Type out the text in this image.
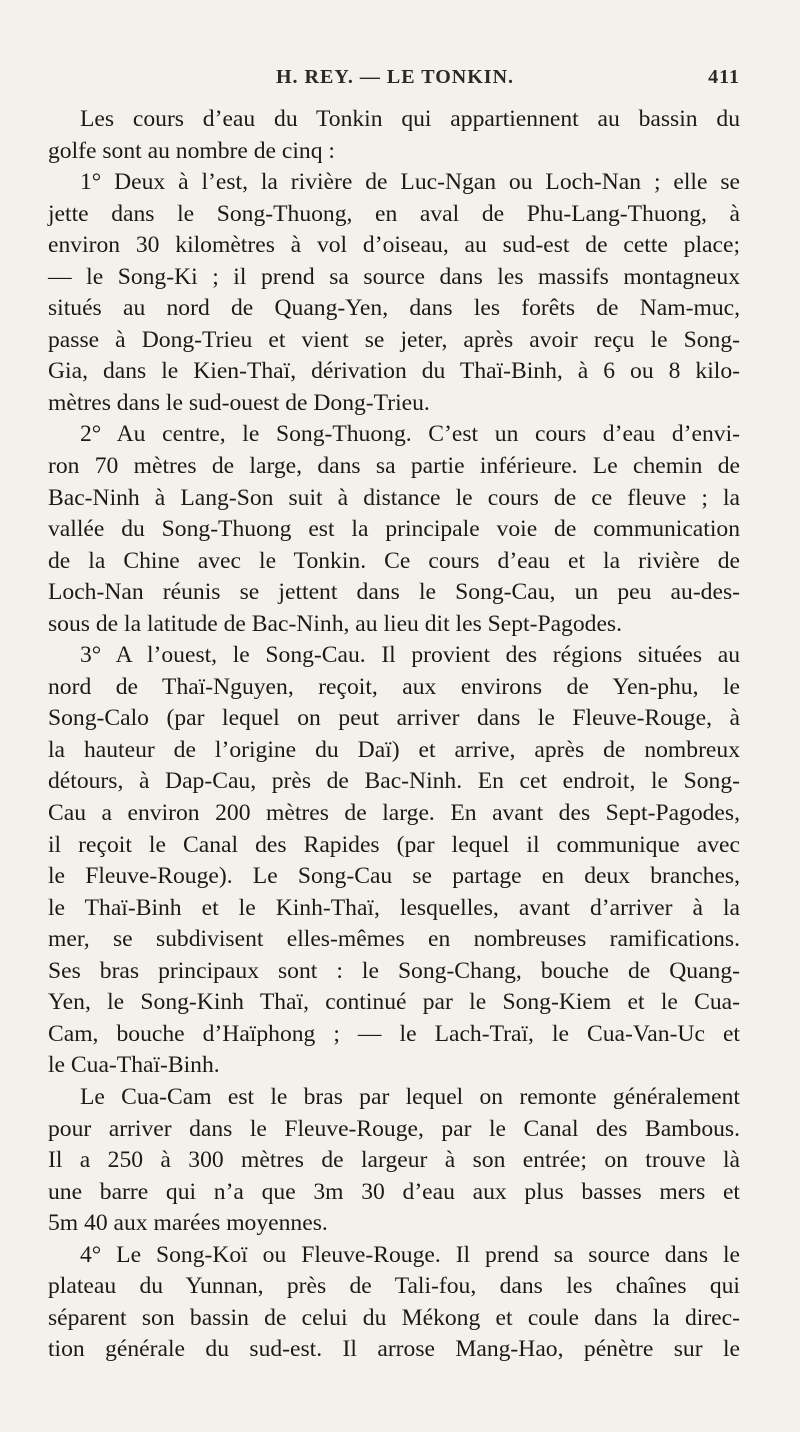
H. REY. — LE TONKIN.	411
Les cours d’eau du Tonkin qui appartiennent au bassin du
golfe sont au nombre de cinq :
1° Deux à l’est, la rivière de Luc-Ngan ou Loch-Nan ; elle se
jette dans le Song-Thuong, en aval de Phu-Lang-Thuong, à
environ 30 kilomètres à vol d’oiseau, au sud-est de cette place;
— le Song-Ki ; il prend sa source dans les massifs montagneux
situés au nord de Quang-Yen, dans les forêts de Nam-muc,
passe à Dong-Trieu et vient se jeter, après avoir reçu le Song-
Gia, dans le Kien-Thaï, dérivation du Thaï-Binh, à 6 ou 8 kilo-
mètres dans le sud-ouest de Dong-Trieu.
2° Au centre, le Song-Thuong. C’est un cours d’eau d’envi-
ron 70 mètres de large, dans sa partie inférieure. Le chemin de
Bac-Ninh à Lang-Son suit à distance le cours de ce fleuve ; la
vallée du Song-Thuong est la principale voie de communication
de la Chine avec le Tonkin. Ce cours d’eau et la rivière de
Loch-Nan réunis se jettent dans le Song-Cau, un peu au-des-
sous de la latitude de Bac-Ninh, au lieu dit les Sept-Pagodes.
3° A l’ouest, le Song-Cau. Il provient des régions situées au
nord de Thaï-Nguyen, reçoit, aux environs de Yen-phu, le
Song-Calo (par lequel on peut arriver dans le Fleuve-Rouge, à
la hauteur de l’origine du Daï) et arrive, après de nombreux
détours, à Dap-Cau, près de Bac-Ninh. En cet endroit, le Song-
Cau a environ 200 mètres de large. En avant des Sept-Pagodes,
il reçoit le Canal des Rapides (par lequel il communique avec
le Fleuve-Rouge). Le Song-Cau se partage en deux branches,
le Thaï-Binh et le Kinh-Thaï, lesquelles, avant d’arriver à la
mer, se subdivisent elles-mêmes en nombreuses ramifications.
Ses bras principaux sont : le Song-Chang, bouche de Quang-
Yen, le Song-Kinh Thaï, continué par le Song-Kiem et le Cua-
Cam, bouche d’Haïphong ; — le Lach-Traï, le Cua-Van-Uc et
le Cua-Thaï-Binh.
Le Cua-Cam est le bras par lequel on remonte généralement
pour arriver dans le Fleuve-Rouge, par le Canal des Bambous.
Il a 250 à 300 mètres de largeur à son entrée; on trouve là
une barre qui n’a que 3m 30 d’eau aux plus basses mers et
5m 40 aux marées moyennes.
4° Le Song-Koï ou Fleuve-Rouge. Il prend sa source dans le
plateau du Yunnan, près de Tali-fou, dans les chaînes qui
séparent son bassin de celui du Mékong et coule dans la direc-
tion générale du sud-est. Il arrose Mang-Hao, pénètre sur le
